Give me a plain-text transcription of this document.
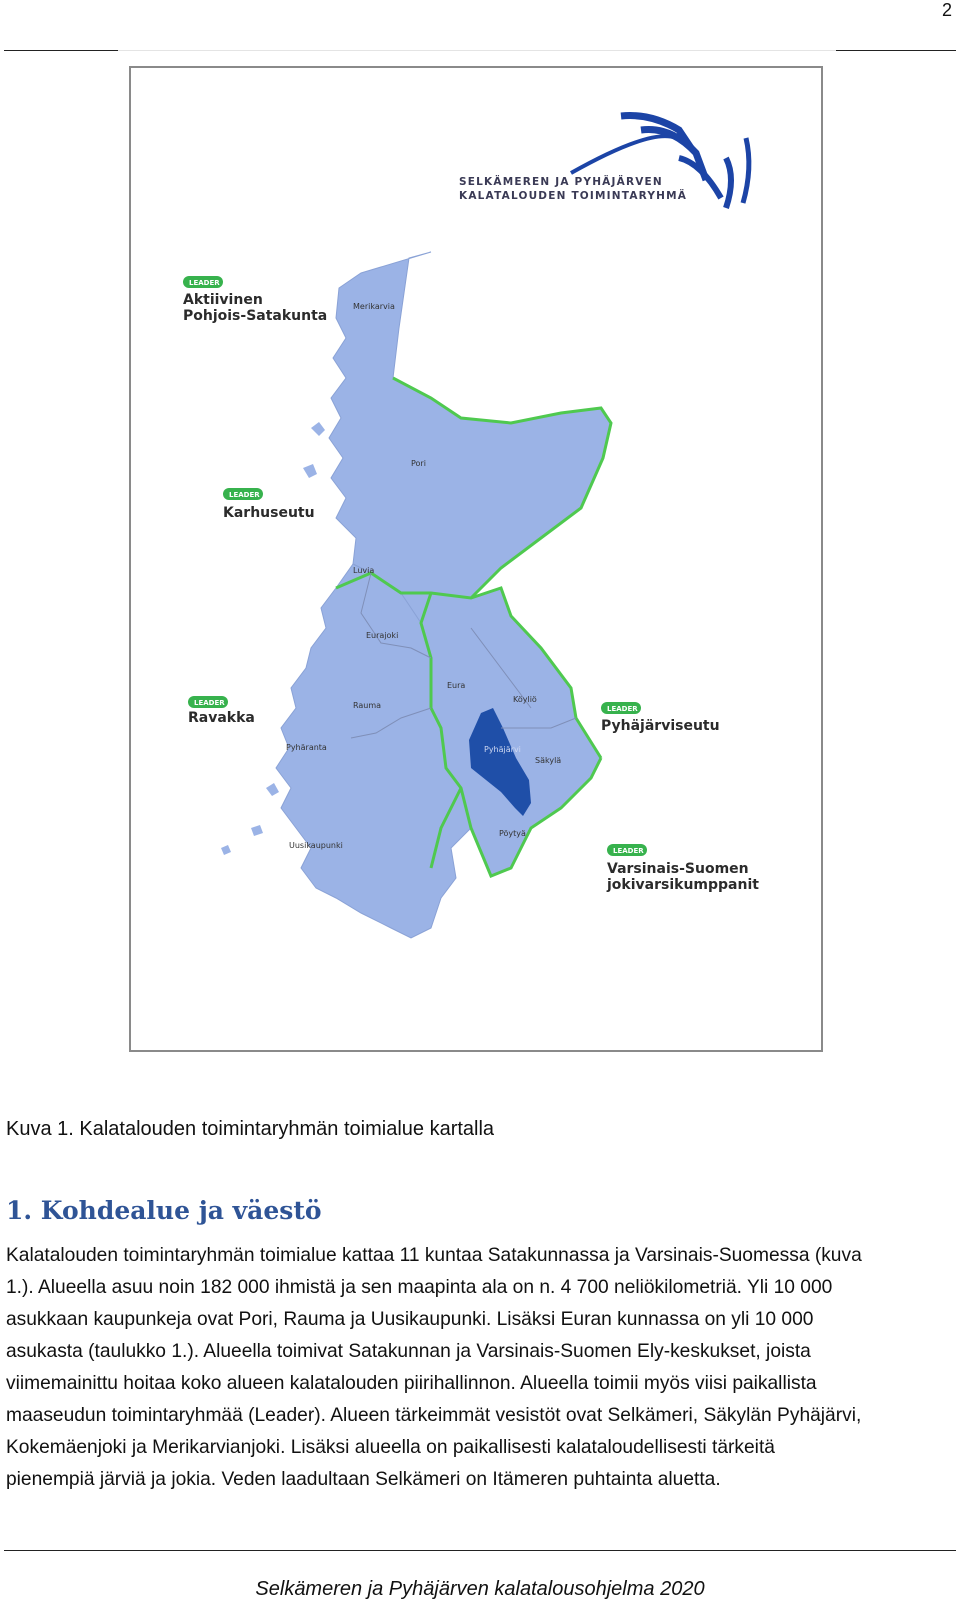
2
SELKÄMEREN JA PYHÄJÄRVEN
KALATALOUDEN TOIMINTARYHMÄ
Merikarvia
Pori
Luvia
Eurajoki
Eura
Rauma
Köyliö
Pyhäjärvi
Säkylä
Pyhäranta
Pöytyä
Uusikaupunki
LEADER
Aktiivinen
Pohjois-Satakunta
LEADER
Karhuseutu
LEADER
Ravakka
LEADER
Pyhäjärviseutu
LEADER
Varsinais-Suomen
jokivarsikumppanit
Kuva 1. Kalatalouden toimintaryhmän toimialue kartalla
1. Kohdealue ja väestö
Kalatalouden toimintaryhmän toimialue kattaa 11 kuntaa Satakunnassa ja Varsinais-Suomessa (kuva
1.). Alueella asuu noin 182 000 ihmistä ja sen maapinta ala on n. 4 700 neliökilometriä. Yli 10 000
asukkaan kaupunkeja ovat Pori, Rauma ja Uusikaupunki. Lisäksi Euran kunnassa on yli 10 000
asukasta (taulukko 1.). Alueella toimivat Satakunnan ja Varsinais-Suomen Ely-keskukset, joista
viimemainittu hoitaa koko alueen kalatalouden piirihallinnon. Alueella toimii myös viisi paikallista
maaseudun toimintaryhmää (Leader). Alueen tärkeimmät vesistöt ovat Selkämeri, Säkylän Pyhäjärvi,
Kokemäenjoki ja Merikarvianjoki. Lisäksi alueella on paikallisesti kalataloudellisesti tärkeitä
pienempiä järviä ja jokia. Veden laadultaan Selkämeri on Itämeren puhtainta aluetta.
Selkämeren ja Pyhäjärven kalatalousohjelma 2020
